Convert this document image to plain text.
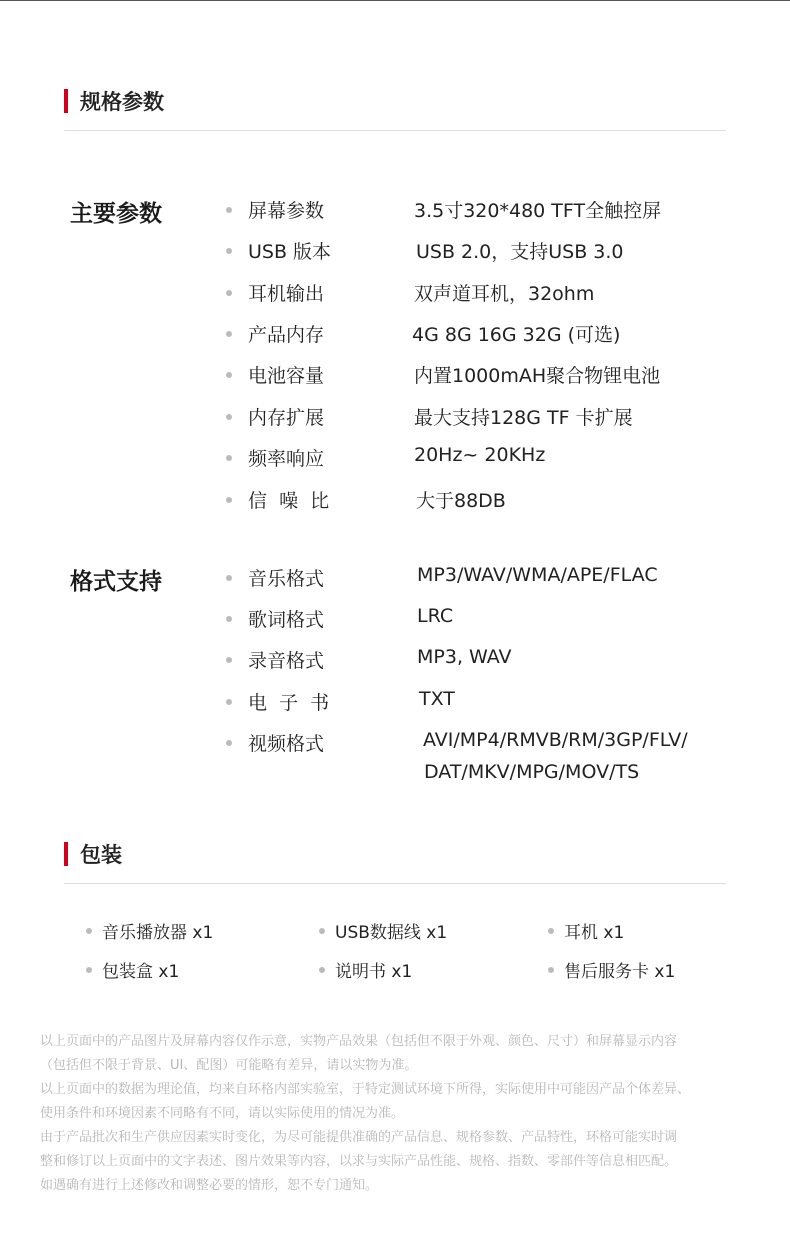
规格参数
主要参数	屏幕参数	3.5寸320*480 TFT全触控屏
USB 版本	USB 2.0，支持USB 3.0
耳机输出	双声道耳机，32ohm
产品内存	4G 8G 16G 32G (可选)
电池容量	内置1000mAH聚合物锂电池
内存扩展	最大支持128G TF 卡扩展
频率响应	20Hz~ 20KHz
信  噪  比	大于88DB
格式支持	音乐格式	MP3/WAV/WMA/APE/FLAC
歌词格式	LRC
录音格式	MP3, WAV
电  子  书	TXT
视频格式	AVI/MP4/RMVB/RM/3GP/FLV/
DAT/MKV/MPG/MOV/TS
包装
音乐播放器 x1	USB数据线 x1	耳机 x1
包装盒 x1	说明书 x1	售后服务卡 x1

以上页面中的产品图片及屏幕内容仅作示意，实物产品效果（包括但不限于外观、颜色、尺寸）和屏幕显示内容

（包括但不限于背景、UI、配图）可能略有差异，请以实物为准。

以上页面中的数据为理论值，均来自环格内部实验室，于特定测试环境下所得，实际使用中可能因产品个体差异、

使用条件和环境因素不同略有不同，请以实际使用的情况为准。

由于产品批次和生产供应因素实时变化，为尽可能提供准确的产品信息、规格参数、产品特性，环格可能实时调

整和修订以上页面中的文字表述、图片效果等内容，以求与实际产品性能、规格、指数、零部件等信息相匹配。

如遇确有进行上述修改和调整必要的情形，恕不专门通知。
